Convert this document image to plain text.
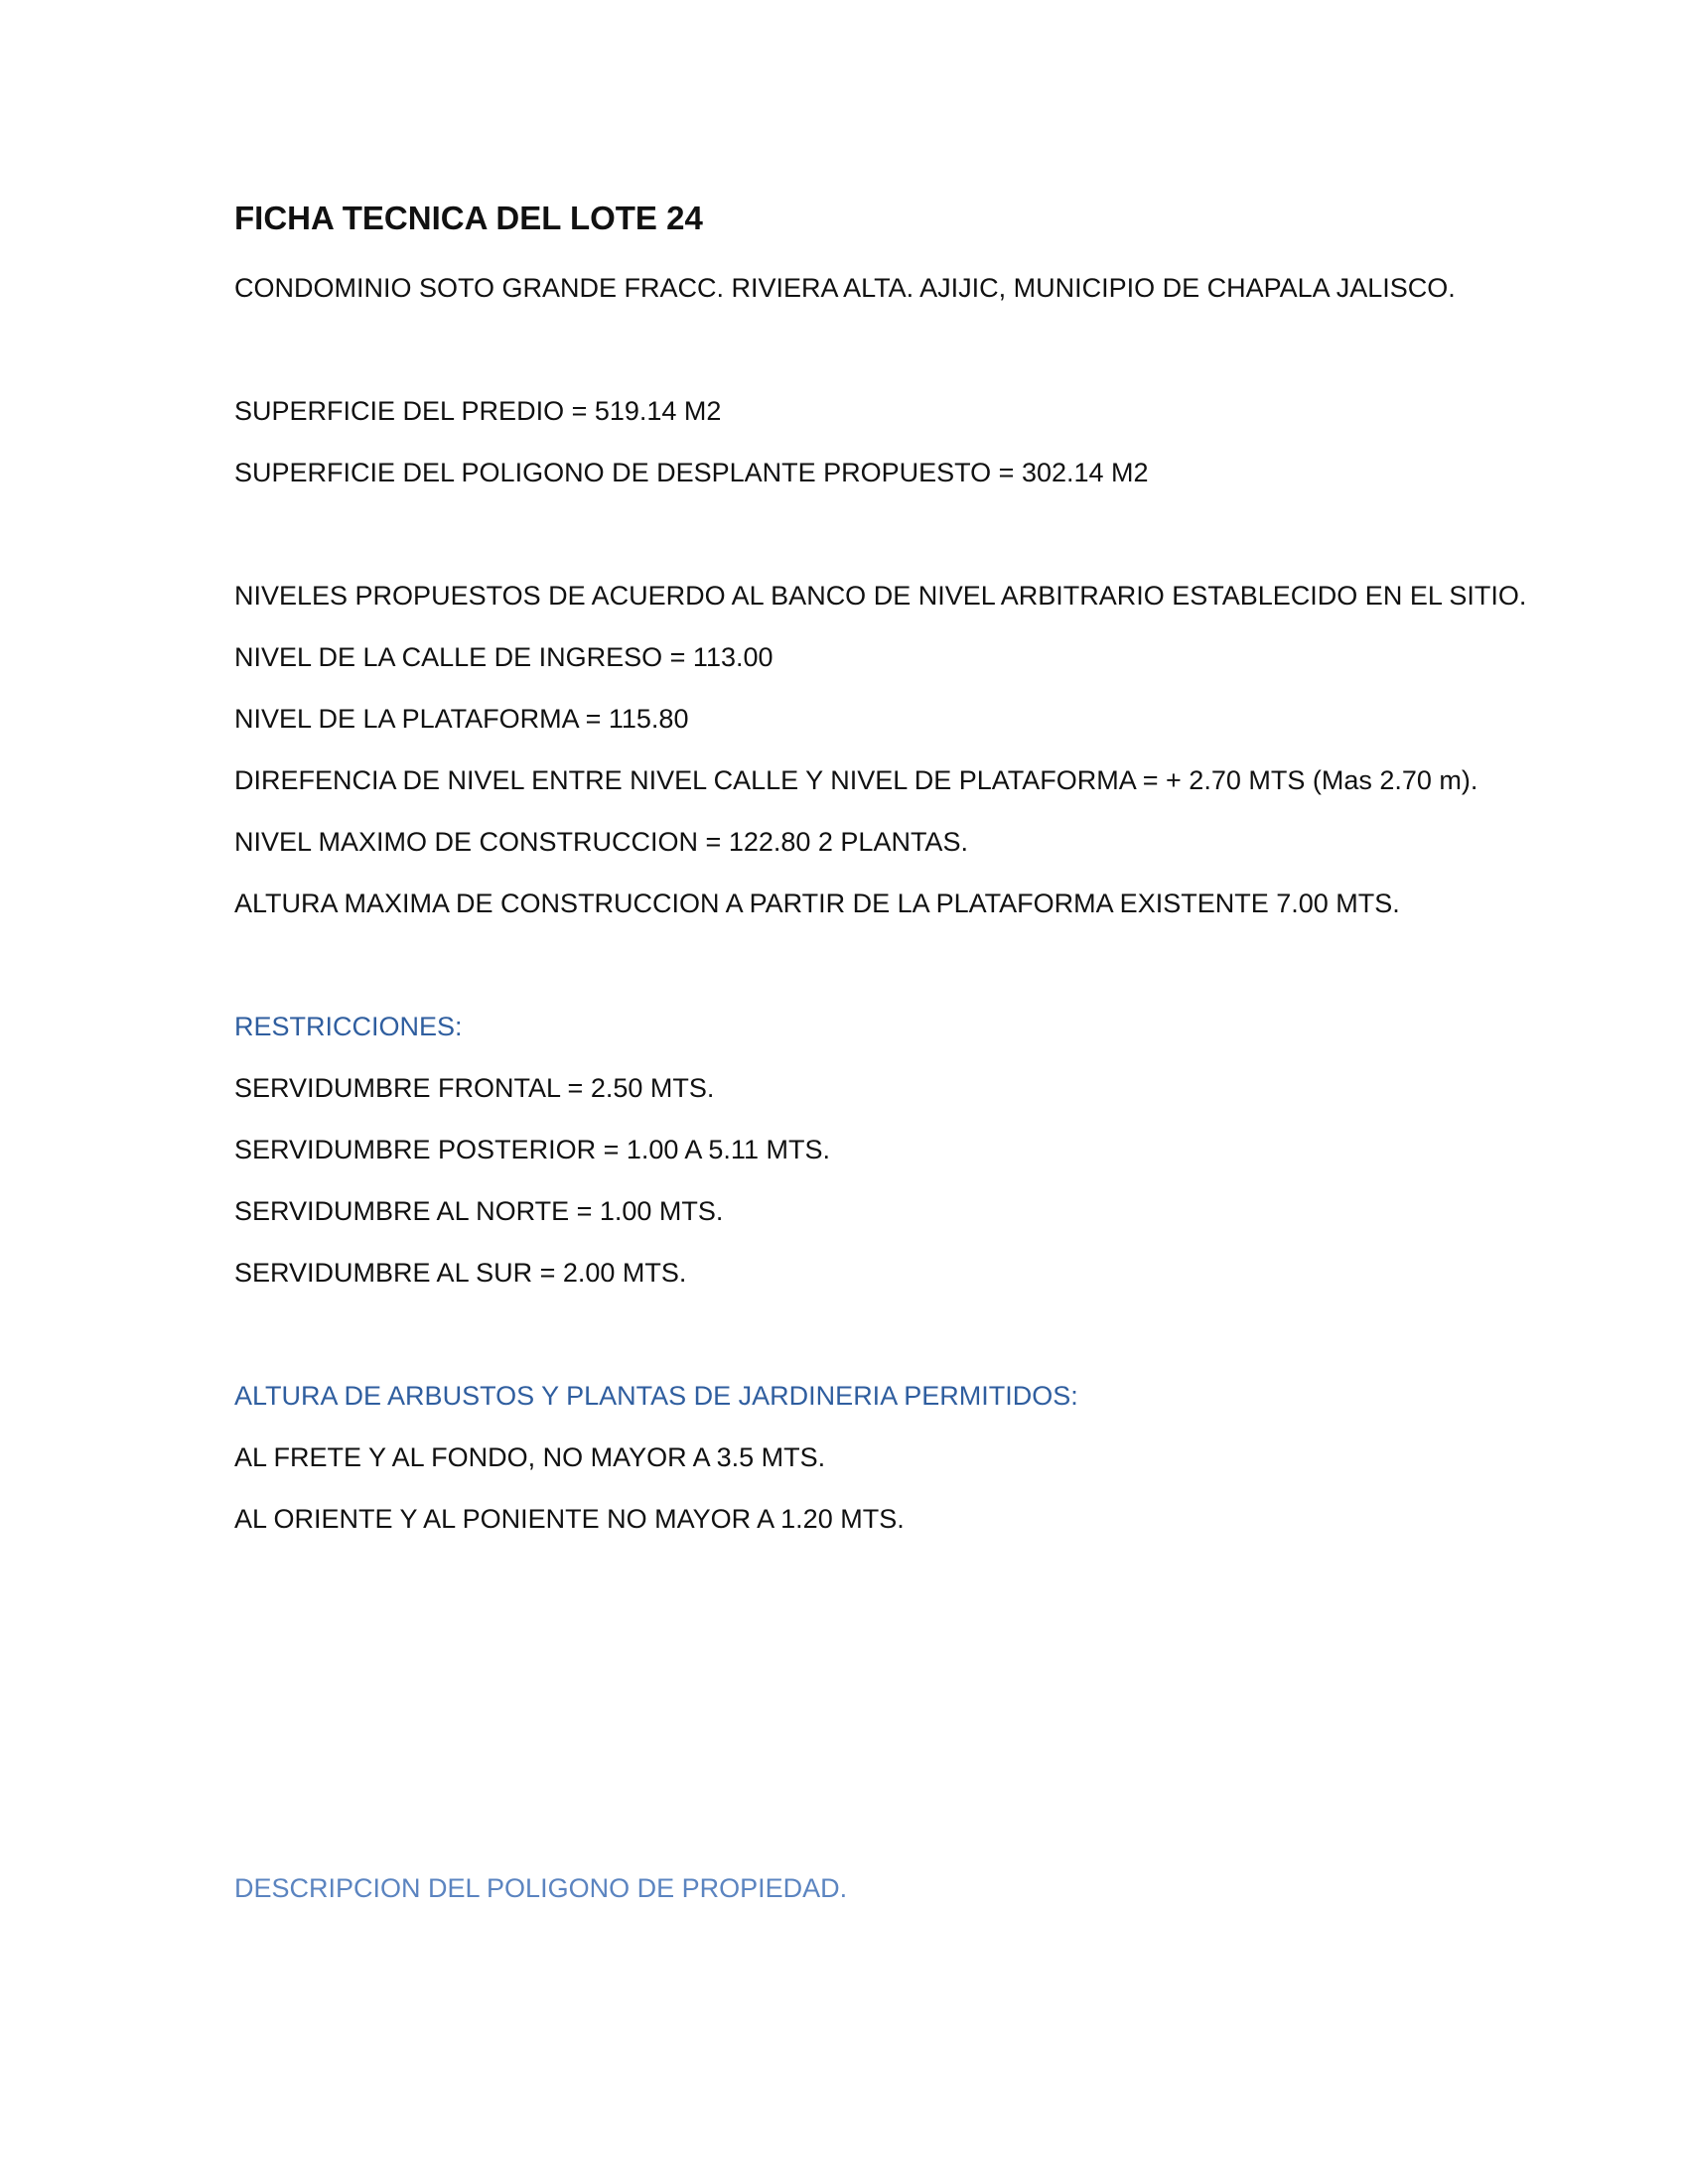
FICHA TECNICA DEL LOTE 24
CONDOMINIO SOTO GRANDE FRACC. RIVIERA ALTA. AJIJIC, MUNICIPIO DE CHAPALA JALISCO.
SUPERFICIE DEL PREDIO = 519.14 M2
SUPERFICIE DEL POLIGONO DE DESPLANTE PROPUESTO = 302.14 M2
NIVELES PROPUESTOS DE ACUERDO AL BANCO DE NIVEL ARBITRARIO ESTABLECIDO EN EL SITIO.
NIVEL DE LA CALLE DE INGRESO = 113.00
NIVEL DE LA PLATAFORMA = 115.80
DIREFENCIA DE NIVEL ENTRE NIVEL CALLE Y NIVEL DE PLATAFORMA = + 2.70 MTS (Mas 2.70 m).
NIVEL MAXIMO DE CONSTRUCCION = 122.80 2 PLANTAS.
ALTURA MAXIMA DE CONSTRUCCION A PARTIR DE LA PLATAFORMA EXISTENTE 7.00 MTS.
RESTRICCIONES:
SERVIDUMBRE FRONTAL = 2.50 MTS.
SERVIDUMBRE POSTERIOR = 1.00 A 5.11 MTS.
SERVIDUMBRE AL NORTE = 1.00 MTS.
SERVIDUMBRE AL SUR = 2.00 MTS.
ALTURA DE ARBUSTOS Y PLANTAS DE JARDINERIA PERMITIDOS:
AL FRETE Y AL FONDO, NO MAYOR A 3.5 MTS.
AL ORIENTE Y AL PONIENTE NO MAYOR A 1.20 MTS.
DESCRIPCION DEL POLIGONO DE PROPIEDAD.
